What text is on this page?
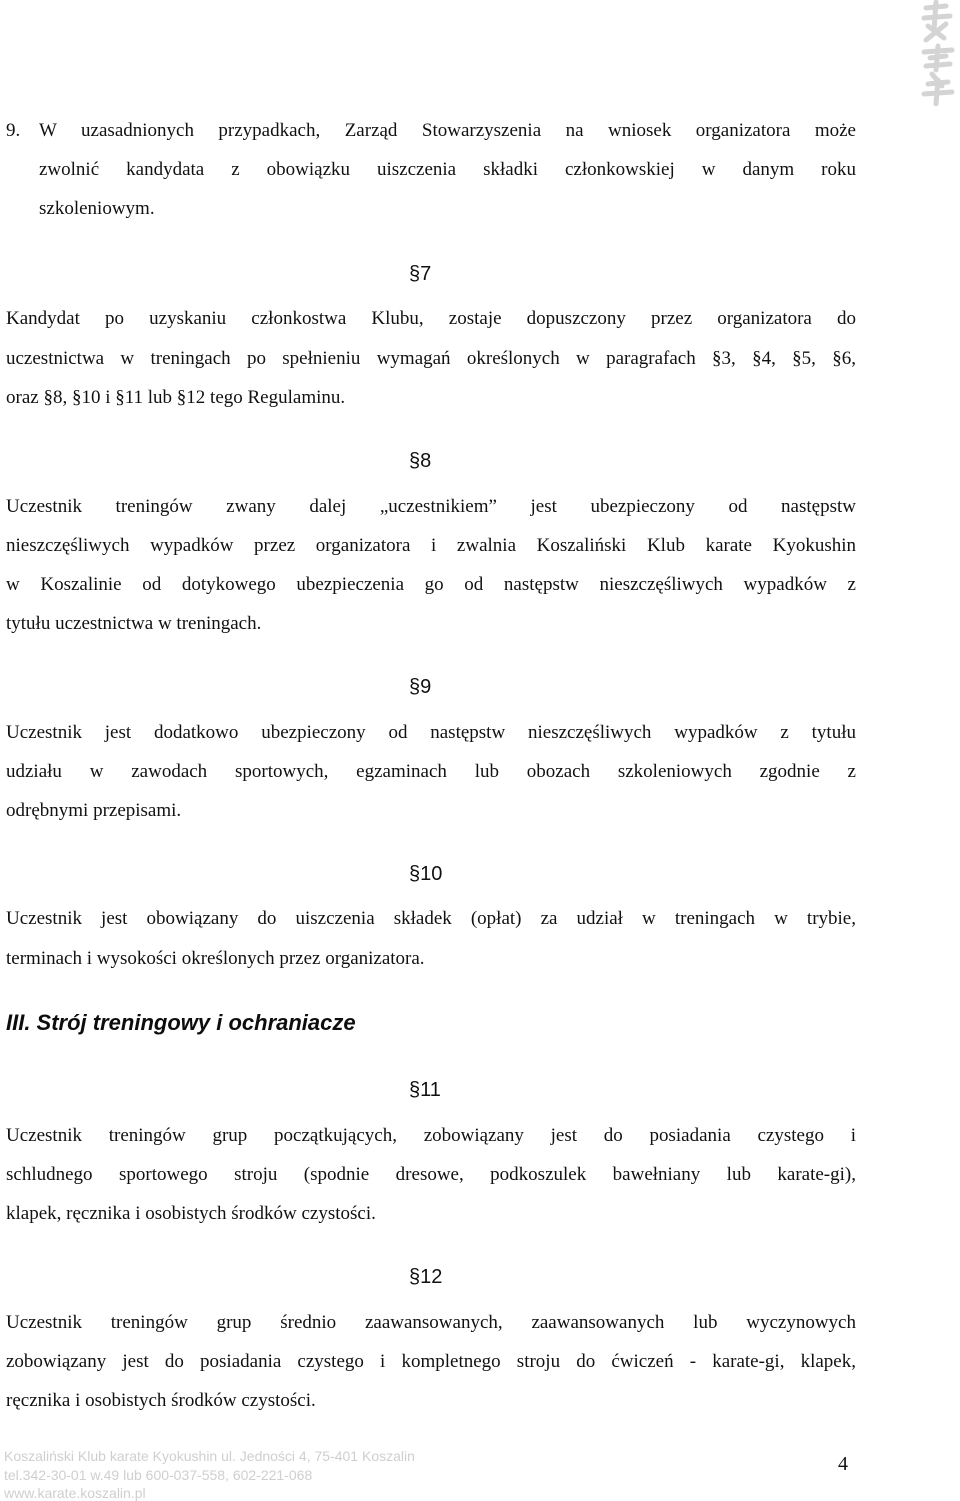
9. W uzasadnionych przypadkach, Zarząd Stowarzyszenia na wniosek organizatora może
zwolnić kandydata z obowiązku uiszczenia składki członkowskiej w danym roku
szkoleniowym.
§7
Kandydat po uzyskaniu członkostwa Klubu, zostaje dopuszczony przez organizatora do
uczestnictwa w treningach po spełnieniu wymagań określonych w paragrafach §3, §4, §5, §6,
oraz §8, §10 i §11 lub §12 tego Regulaminu.
§8
Uczestnik treningów zwany dalej „uczestnikiem” jest ubezpieczony od następstw
nieszczęśliwych wypadków przez organizatora i zwalnia Koszaliński Klub karate Kyokushin
w Koszalinie od dotykowego ubezpieczenia go od następstw nieszczęśliwych wypadków z
tytułu uczestnictwa w treningach.
§9
Uczestnik jest dodatkowo ubezpieczony od następstw nieszczęśliwych wypadków z tytułu
udziału w zawodach sportowych, egzaminach lub obozach szkoleniowych zgodnie z
odrębnymi przepisami.
§10
Uczestnik jest obowiązany do uiszczenia składek (opłat) za udział w treningach w trybie,
terminach i wysokości określonych przez organizatora.
III. Strój treningowy i ochraniacze
§11
Uczestnik treningów grup początkujących, zobowiązany jest do posiadania czystego i
schludnego sportowego stroju (spodnie dresowe, podkoszulek bawełniany lub karate-gi),
klapek, ręcznika i osobistych środków czystości.
§12
Uczestnik treningów grup średnio zaawansowanych, zaawansowanych lub wyczynowych
zobowiązany jest do posiadania czystego i kompletnego stroju do ćwiczeń - karate-gi, klapek,
ręcznika i osobistych środków czystości.
Koszaliński Klub karate Kyokushin ul. Jedności 4, 75-401 Koszalin
tel.342-30-01 w.49 lub 600-037-558, 602-221-068
www.karate.koszalin.pl
4
